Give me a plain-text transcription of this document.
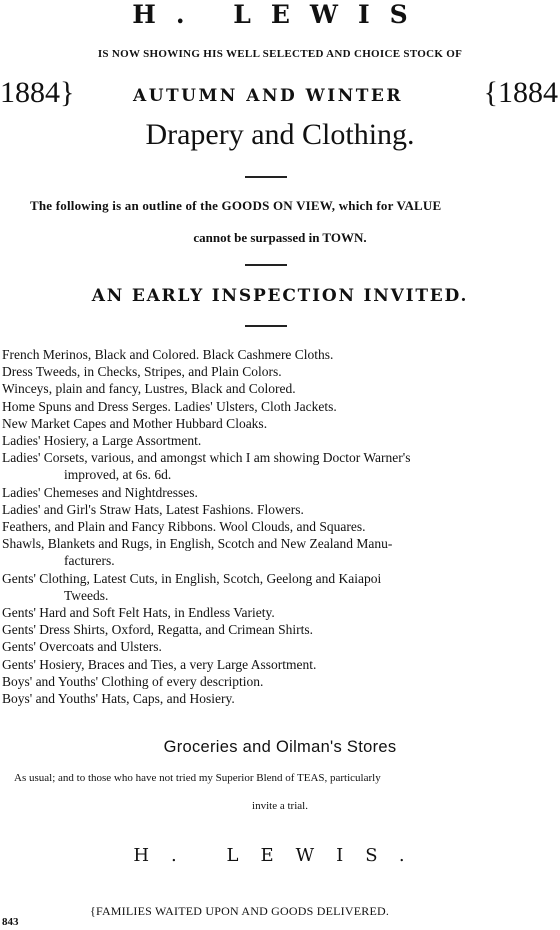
H. LEWIS
IS NOW SHOWING HIS WELL SELECTED AND CHOICE STOCK OF
1884}	AUTUMN AND WINTER	{1884
Drapery and Clothing.
The following is an outline of the GOODS ON VIEW, which for VALUE
cannot be surpassed in TOWN.
AN EARLY INSPECTION INVITED.
French Merinos, Black and Colored. Black Cashmere Cloths.
Dress Tweeds, in Checks, Stripes, and Plain Colors.
Winceys, plain and fancy, Lustres, Black and Colored.
Home Spuns and Dress Serges. Ladies' Ulsters, Cloth Jackets.
New Market Capes and Mother Hubbard Cloaks.
Ladies' Hosiery, a Large Assortment.
Ladies' Corsets, various, and amongst which I am showing Doctor Warner's
improved, at 6s. 6d.
Ladies' Chemeses and Nightdresses.
Ladies' and Girl's Straw Hats, Latest Fashions. Flowers.
Feathers, and Plain and Fancy Ribbons. Wool Clouds, and Squares.
Shawls, Blankets and Rugs, in English, Scotch and New Zealand Manu-
facturers.
Gents' Clothing, Latest Cuts, in English, Scotch, Geelong and Kaiapoi
Tweeds.
Gents' Hard and Soft Felt Hats, in Endless Variety.
Gents' Dress Shirts, Oxford, Regatta, and Crimean Shirts.
Gents' Overcoats and Ulsters.
Gents' Hosiery, Braces and Ties, a very Large Assortment.
Boys' and Youths' Clothing of every description.
Boys' and Youths' Hats, Caps, and Hosiery.
Groceries and Oilman's Stores
As usual; and to those who have not tried my Superior Blend of TEAS, particularly
invite a trial.
H. LEWIS.
843
{FAMILIES WAITED UPON AND GOODS DELIVERED.
